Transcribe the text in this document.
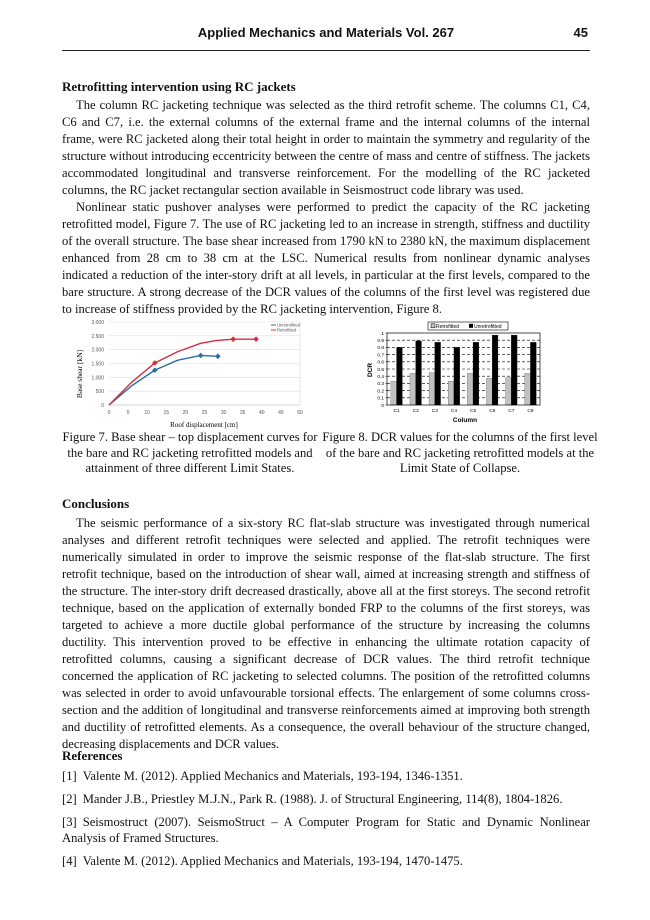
Applied Mechanics and Materials Vol. 267	45
Retrofitting intervention using RC jackets

The column RC jacketing technique was selected as the third retrofit scheme. The columns C1, C4, C6 and C7, i.e. the external columns of the external frame and the internal columns of the internal frame, were RC jacketed along their total height in order to maintain the symmetry and regularity of the structure without introducing eccentricity between the centre of mass and centre of stiffness. The jackets accommodated longitudinal and transverse reinforcement. For the modelling of the RC jacketed columns, the RC jacket rectangular section available in Seismostruct code library was used.

Nonlinear static pushover analyses were performed to predict the capacity of the RC jacketing retrofitted model, Figure 7. The use of RC jacketing led to an increase in strength, stiffness and ductility of the overall structure. The base shear increased from 1790 kN to 2380 kN, the maximum displacement enhanced from 28 cm to 38 cm at the LSC. Numerical results from nonlinear dynamic analyses indicated a reduction of the inter-story drift at all levels, in particular at the first levels, compared to the bare structure. A strong decrease of the DCR values of the columns of the first level was registered due to increase of stiffness provided by the RC jacketing intervention, Figure 8.

0
500
1.000
1.500
2.000
2.500
3.000
0	5	10	15	20	25	30	35	40	45	50
Unretrofitted
Retrofitted
Base shear [kN]
Roof displacement [cm]

Figure 7. Base shear – top displacement curves for the bare and RC jacketing retrofitted models and attainment of three different Limit States.

Retrofitted	Unretrofitted
0
0.1
0.2
0.3
0.4
0.5
0.6
0.7
0.8
0.9
1
C1	C2	C3	C4	C5	C6	C7	C8
DCR
Column

Figure 8. DCR values for the columns of the first level of the bare and RC jacketing retrofitted models at the Limit State of Collapse.

Conclusions

The seismic performance of a six-story RC flat-slab structure was investigated through numerical analyses and different retrofit techniques were selected and applied. The retrofit techniques were numerically simulated in order to improve the seismic response of the flat-slab structure. The first retrofit technique, based on the introduction of shear wall, aimed at increasing strength and stiffness of the structure. The inter-story drift decreased drastically, above all at the first storeys. The second retrofit technique, based on the application of externally bonded FRP to the columns of the first storeys, was targeted to achieve a more ductile global performance of the structure by increasing the columns ductility. This intervention proved to be effective in enhancing the ultimate rotation capacity of retrofitted columns, causing a significant decrease of DCR values. The third retrofit technique concerned the application of RC jacketing to selected columns. The position of the retrofitted columns was selected in order to avoid unfavourable torsional effects. The enlargement of some columns cross-section and the addition of longitudinal and transverse reinforcements aimed at improving both strength and ductility of retrofitted elements. As a consequence, the overall behaviour of the structure changed, decreasing displacements and DCR values.

References
[1] Valente M. (2012). Applied Mechanics and Materials, 193-194, 1346-1351.
[2] Mander J.B., Priestley M.J.N., Park R. (1988). J. of Structural Engineering, 114(8), 1804-1826.
[3] Seismostruct (2007). SeismoStruct – A Computer Program for Static and Dynamic Nonlinear Analysis of Framed Structures.
[4] Valente M. (2012). Applied Mechanics and Materials, 193-194, 1470-1475.
